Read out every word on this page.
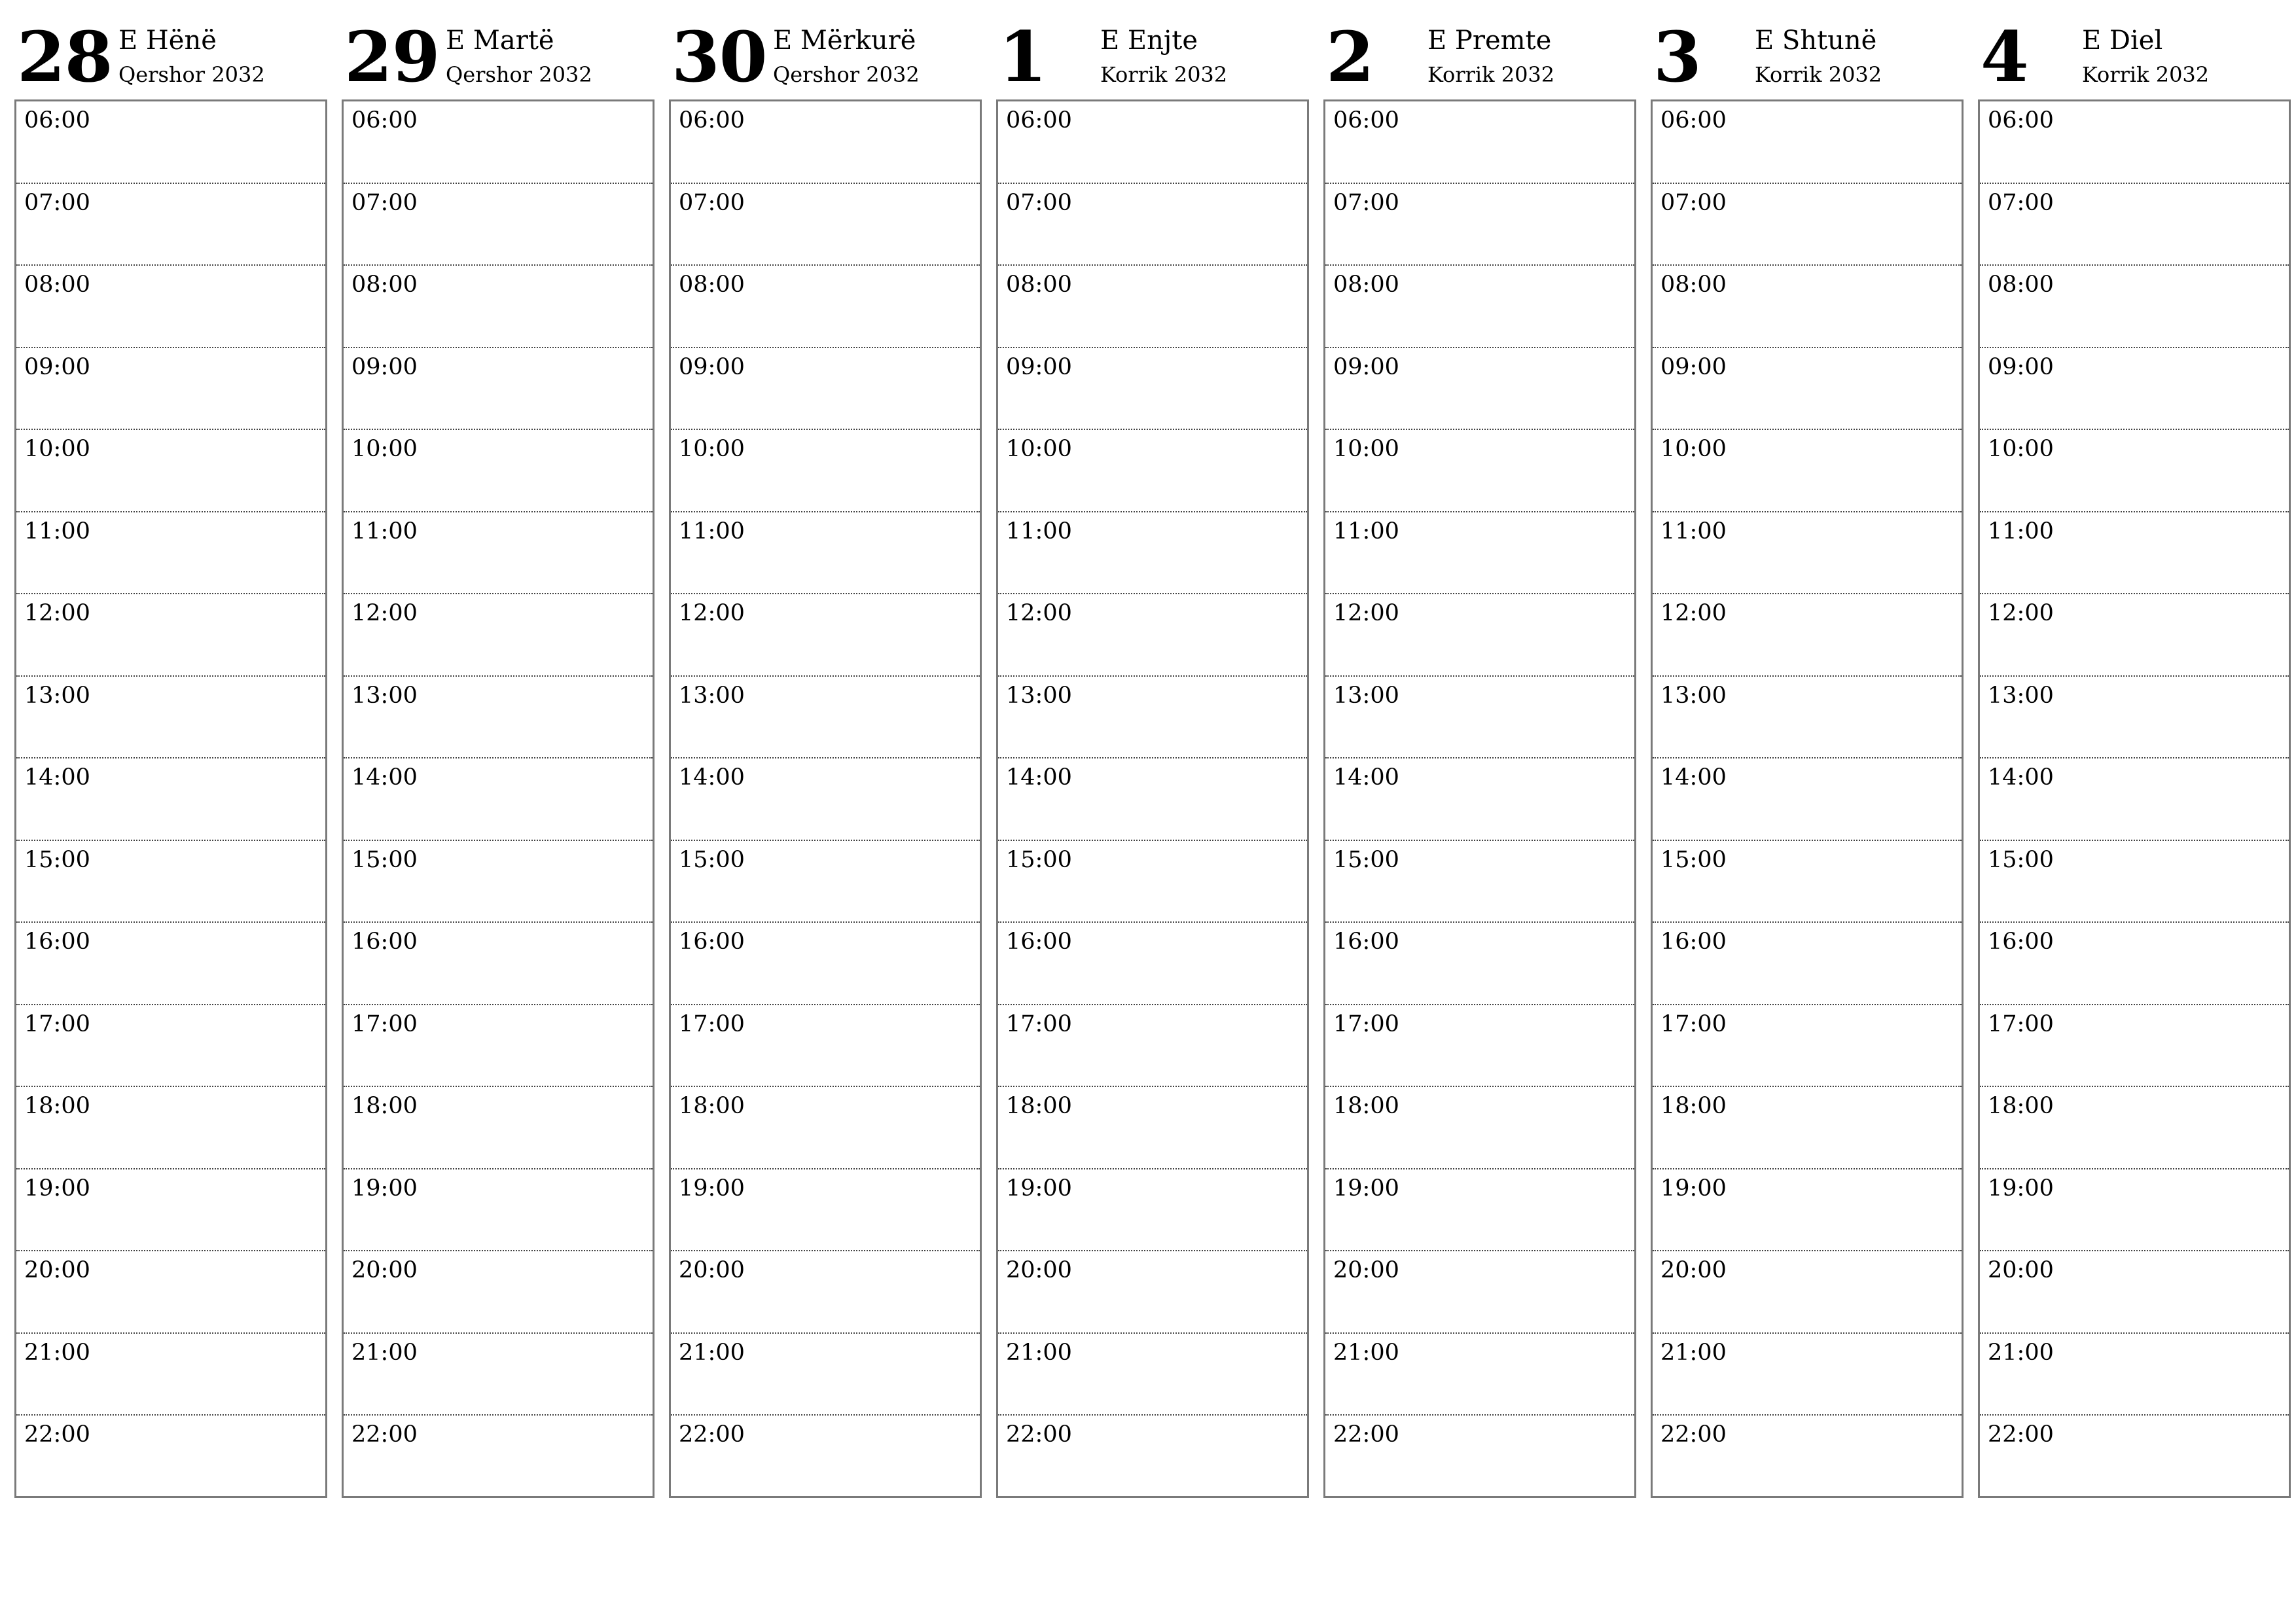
28 E Hënë
Qershor 2032
06:00
07:00
08:00
09:00
10:00
11:00
12:00
13:00
14:00
15:00
16:00
17:00
18:00
19:00
20:00
21:00
22:00
29 E Martë
Qershor 2032
06:00
07:00
08:00
09:00
10:00
11:00
12:00
13:00
14:00
15:00
16:00
17:00
18:00
19:00
20:00
21:00
22:00
30 E Mërkurë
Qershor 2032
06:00
07:00
08:00
09:00
10:00
11:00
12:00
13:00
14:00
15:00
16:00
17:00
18:00
19:00
20:00
21:00
22:00
1 E Enjte
Korrik 2032
06:00
07:00
08:00
09:00
10:00
11:00
12:00
13:00
14:00
15:00
16:00
17:00
18:00
19:00
20:00
21:00
22:00
2 E Premte
Korrik 2032
06:00
07:00
08:00
09:00
10:00
11:00
12:00
13:00
14:00
15:00
16:00
17:00
18:00
19:00
20:00
21:00
22:00
3 E Shtunë
Korrik 2032
06:00
07:00
08:00
09:00
10:00
11:00
12:00
13:00
14:00
15:00
16:00
17:00
18:00
19:00
20:00
21:00
22:00
4 E Diel
Korrik 2032
06:00
07:00
08:00
09:00
10:00
11:00
12:00
13:00
14:00
15:00
16:00
17:00
18:00
19:00
20:00
21:00
22:00
